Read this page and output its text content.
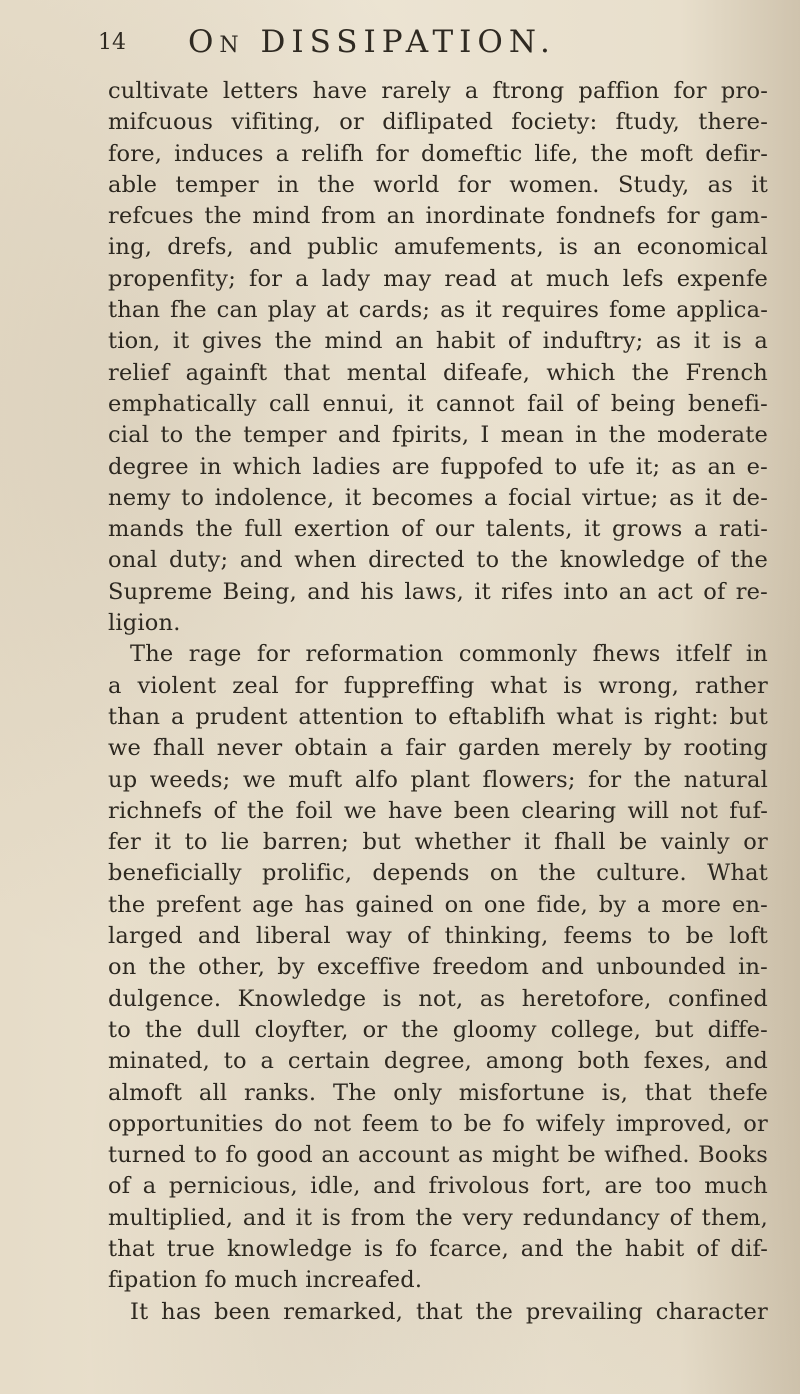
14	On DISSIPATION.
cultivate letters have rarely a ftrong paffion for pro-
mifcuous vifiting, or diflipated fociety: ftudy, there-
fore, induces a relifh for domeftic life, the moft defir-
able temper in the world for women. Study, as it
refcues the mind from an inordinate fondnefs for gam-
ing, drefs, and public amufements, is an economical
propenfity; for a lady may read at much lefs expenfe
than fhe can play at cards; as it requires fome applica-
tion, it gives the mind an habit of induftry; as it is a
relief againft that mental difeafe, which the French
emphatically call ennui, it cannot fail of being benefi-
cial to the temper and fpirits, I mean in the moderate
degree in which ladies are fuppofed to ufe it; as an e-
nemy to indolence, it becomes a focial virtue; as it de-
mands the full exertion of our talents, it grows a rati-
onal duty; and when directed to the knowledge of the
Supreme Being, and his laws, it rifes into an act of re-
ligion.
The rage for reformation commonly fhews itfelf in
a violent zeal for fuppreffing what is wrong, rather
than a prudent attention to eftablifh what is right: but
we fhall never obtain a fair garden merely by rooting
up weeds; we muft alfo plant flowers; for the natural
richnefs of the foil we have been clearing will not fuf-
fer it to lie barren; but whether it fhall be vainly or
beneficially prolific, depends on the culture. What
the prefent age has gained on one fide, by a more en-
larged and liberal way of thinking, feems to be loft
on the other, by exceffive freedom and unbounded in-
dulgence. Knowledge is not, as heretofore, confined
to the dull cloyfter, or the gloomy college, but diffe-
minated, to a certain degree, among both fexes, and
almoft all ranks. The only misfortune is, that thefe
opportunities do not feem to be fo wifely improved, or
turned to fo good an account as might be wifhed. Books
of a pernicious, idle, and frivolous fort, are too much
multiplied, and it is from the very redundancy of them,
that true knowledge is fo fcarce, and the habit of dif-
fipation fo much increafed.
It has been remarked, that the prevailing character
